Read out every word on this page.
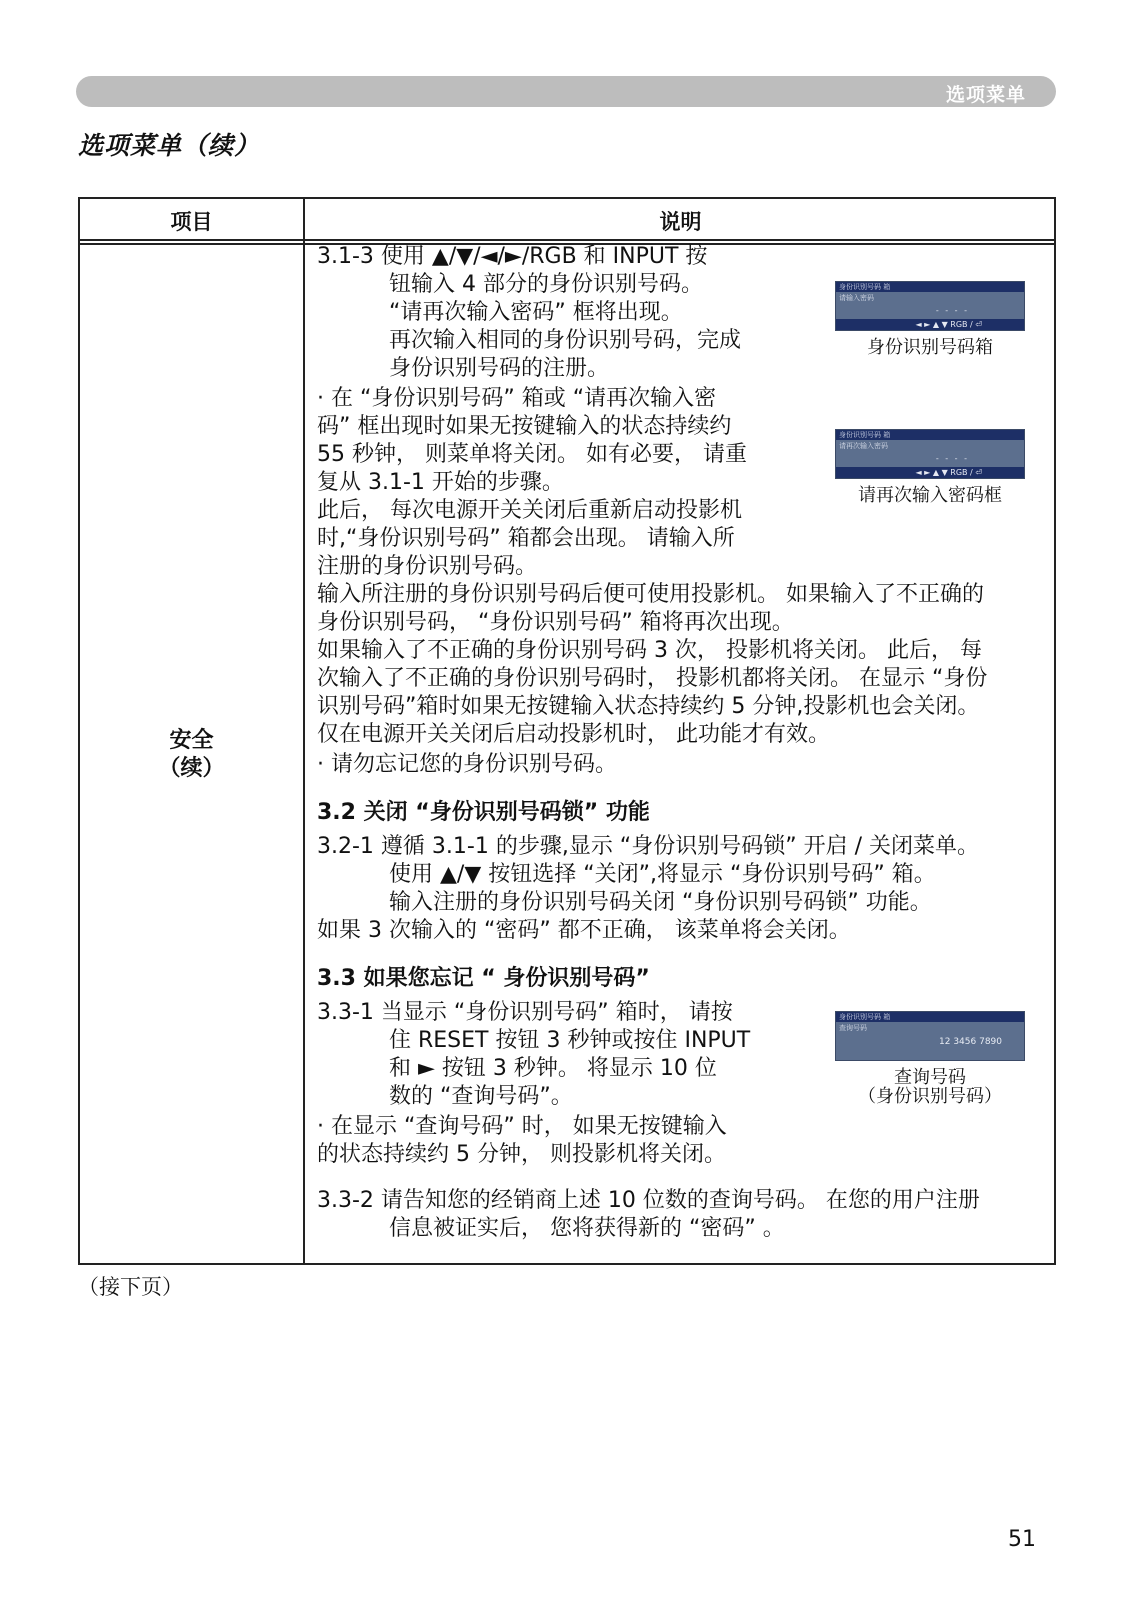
选项菜单
选项菜单（续）
项目	说明
安全
（续）
3.1-3 使用 ▲/▼/◄/►/RGB 和 INPUT 按
钮输入 4 部分的身份识别号码。
“请再次输入密码” 框将出现。
再次输入相同的身份识别号码，完成
身份识别号码的注册。
· 在 “身份识别号码” 箱或 “请再次输入密
码” 框出现时如果无按键输入的状态持续约
55 秒钟， 则菜单将关闭。 如有必要， 请重
复从 3.1-1 开始的步骤。
此后， 每次电源开关关闭后重新启动投影机
时,“身份识别号码” 箱都会出现。 请输入所
注册的身份识别号码。
输入所注册的身份识别号码后便可使用投影机。 如果输入了不正确的
身份识别号码， “身份识别号码” 箱将再次出现。
如果输入了不正确的身份识别号码 3 次， 投影机将关闭。 此后， 每
次输入了不正确的身份识别号码时， 投影机都将关闭。 在显示 “身份
识别号码”箱时如果无按键输入状态持续约 5 分钟,投影机也会关闭。
仅在电源开关关闭后启动投影机时， 此功能才有效。
· 请勿忘记您的身份识别号码。
3.2 关闭 “身份识别号码锁” 功能
3.2-1 遵循 3.1-1 的步骤,显示 “身份识别号码锁” 开启 / 关闭菜单。
使用 ▲/▼ 按钮选择 “关闭”,将显示 “身份识别号码” 箱。
输入注册的身份识别号码关闭 “身份识别号码锁” 功能。
如果 3 次输入的 “密码” 都不正确， 该菜单将会关闭。
3.3 如果您忘记 “ 身份识别号码”
3.3-1 当显示 “身份识别号码” 箱时， 请按
住 RESET 按钮 3 秒钟或按住 INPUT
和 ► 按钮 3 秒钟。 将显示 10 位
数的 “查询号码”。
· 在显示 “查询号码” 时， 如果无按键输入
的状态持续约 5 分钟， 则投影机将关闭。
3.3-2 请告知您的经销商上述 10 位数的查询号码。 在您的用户注册
信息被证实后， 您将获得新的 “密码” 。
身份识别号码 箱
请输入密码
- - - -
◄ ► ▲ ▼ RGB / ⏎
身份识别号码箱
身份识别号码 箱
请再次输入密码
- - - -
◄ ► ▲ ▼ RGB / ⏎
请再次输入密码框
身份识别号码 箱
查询号码
12 3456 7890
查询号码
（身份识别号码）
（接下页）
51
